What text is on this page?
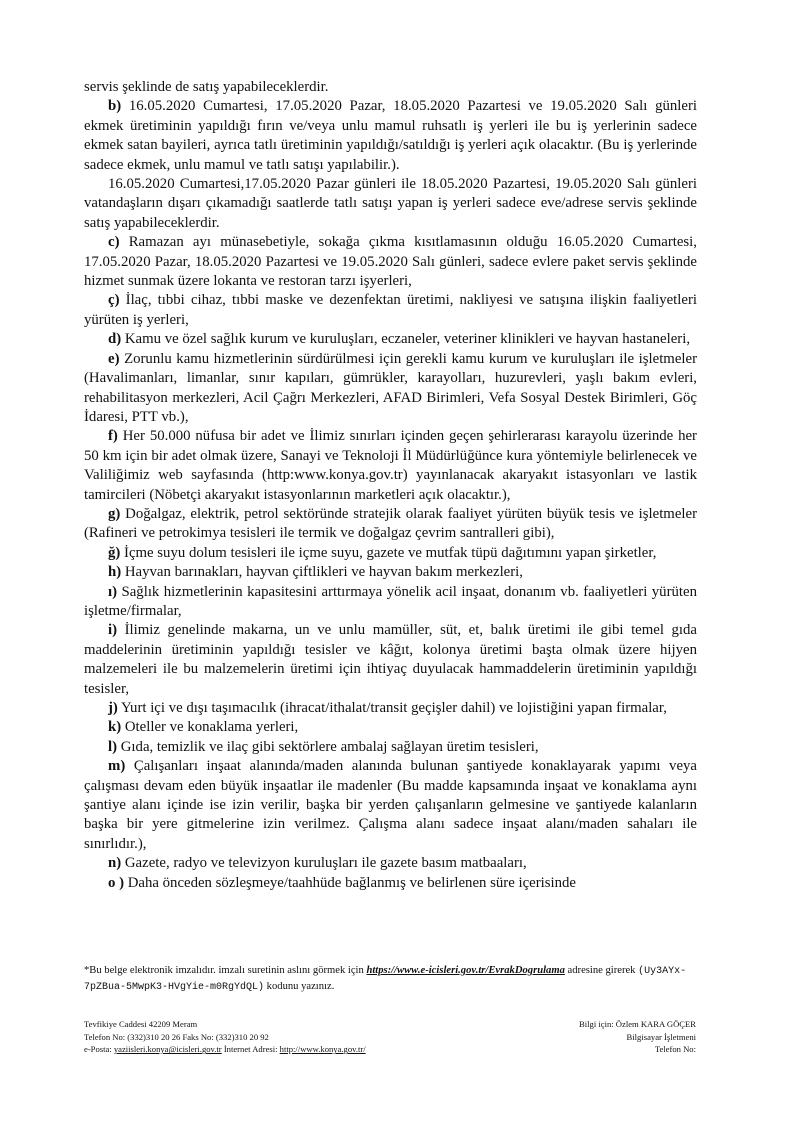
servis şeklinde de satış yapabileceklerdir.

b) 16.05.2020 Cumartesi, 17.05.2020 Pazar, 18.05.2020 Pazartesi ve 19.05.2020 Salı günleri ekmek üretiminin yapıldığı fırın ve/veya unlu mamul ruhsatlı iş yerleri ile bu iş yerlerinin sadece ekmek satan bayileri, ayrıca tatlı üretiminin yapıldığı/satıldığı iş yerleri açık olacaktır. (Bu iş yerlerinde sadece ekmek, unlu mamul ve tatlı satışı yapılabilir.).

16.05.2020 Cumartesi,17.05.2020 Pazar günleri ile 18.05.2020 Pazartesi, 19.05.2020 Salı günleri vatandaşların dışarı çıkamadığı saatlerde tatlı satışı yapan iş yerleri sadece eve/adrese servis şeklinde satış yapabileceklerdir.

c) Ramazan ayı münasebetiyle, sokağa çıkma kısıtlamasının olduğu 16.05.2020 Cumartesi, 17.05.2020 Pazar, 18.05.2020 Pazartesi ve 19.05.2020 Salı günleri, sadece evlere paket servis şeklinde hizmet sunmak üzere lokanta ve restoran tarzı işyerleri,

ç) İlaç, tıbbi cihaz, tıbbi maske ve dezenfektan üretimi, nakliyesi ve satışına ilişkin faaliyetleri yürüten iş yerleri,

d) Kamu ve özel sağlık kurum ve kuruluşları, eczaneler, veteriner klinikleri ve hayvan hastaneleri,

e) Zorunlu kamu hizmetlerinin sürdürülmesi için gerekli kamu kurum ve kuruluşları ile işletmeler (Havalimanları, limanlar, sınır kapıları, gümrükler, karayolları, huzurevleri, yaşlı bakım evleri, rehabilitasyon merkezleri, Acil Çağrı Merkezleri, AFAD Birimleri, Vefa Sosyal Destek Birimleri, Göç İdaresi, PTT vb.),

f) Her 50.000 nüfusa bir adet ve İlimiz sınırları içinden geçen şehirlerarası karayolu üzerinde her 50 km için bir adet olmak üzere, Sanayi ve Teknoloji İl Müdürlüğünce kura yöntemiyle belirlenecek ve Valiliğimiz web sayfasında (http:www.konya.gov.tr) yayınlanacak akaryakıt istasyonları ve lastik tamircileri (Nöbetçi akaryakıt istasyonlarının marketleri açık olacaktır.),

g) Doğalgaz, elektrik, petrol sektöründe stratejik olarak faaliyet yürüten büyük tesis ve işletmeler (Rafineri ve petrokimya tesisleri ile termik ve doğalgaz çevrim santralleri gibi),

ğ) İçme suyu dolum tesisleri ile içme suyu, gazete ve mutfak tüpü dağıtımını yapan şirketler,

h) Hayvan barınakları, hayvan çiftlikleri ve hayvan bakım merkezleri,

ı) Sağlık hizmetlerinin kapasitesini arttırmaya yönelik acil inşaat, donanım vb. faaliyetleri yürüten işletme/firmalar,

i) İlimiz genelinde makarna, un ve unlu mamüller, süt, et, balık üretimi ile gibi temel gıda maddelerinin üretiminin yapıldığı tesisler ve kâğıt, kolonya üretimi başta olmak üzere hijyen malzemeleri ile bu malzemelerin üretimi için ihtiyaç duyulacak hammaddelerin üretiminin yapıldığı tesisler,

j) Yurt içi ve dışı taşımacılık (ihracat/ithalat/transit geçişler dahil) ve lojistiğini yapan firmalar,

k) Oteller ve konaklama yerleri,

l) Gıda, temizlik ve ilaç gibi sektörlere ambalaj sağlayan üretim tesisleri,

m) Çalışanları inşaat alanında/maden alanında bulunan şantiyede konaklayarak yapımı veya çalışması devam eden büyük inşaatlar ile madenler (Bu madde kapsamında inşaat ve konaklama aynı şantiye alanı içinde ise izin verilir, başka bir yerden çalışanların gelmesine ve şantiyede kalanların başka bir yere gitmelerine izin verilmez. Çalışma alanı sadece inşaat alanı/maden sahaları ile sınırlıdır.),

n) Gazete, radyo ve televizyon kuruluşları ile gazete basım matbaaları,

o ) Daha önceden sözleşmeye/taahhüde bağlanmış ve belirlenen süre içerisinde

*Bu belge elektronik imzalıdır. imzalı suretinin aslını görmek için https://www.e-icisleri.gov.tr/EvrakDogrulama adresine girerek (Uy3AYx-7pZBua-5MwpK3-HVgYie-m0RgYdQL) kodunu yazınız.
Tevfikiye Caddesi 42209 Meram
Telefon No: (332)310 20 26 Faks No: (332)310 20 92
e-Posta: yaziisleri.konya@icisleri.gov.tr İnternet Adresi: http://www.konya.gov.tr/
Bilgi için: Özlem KARA GÖÇER
Bilgisayar İşletmeni
Telefon No:
